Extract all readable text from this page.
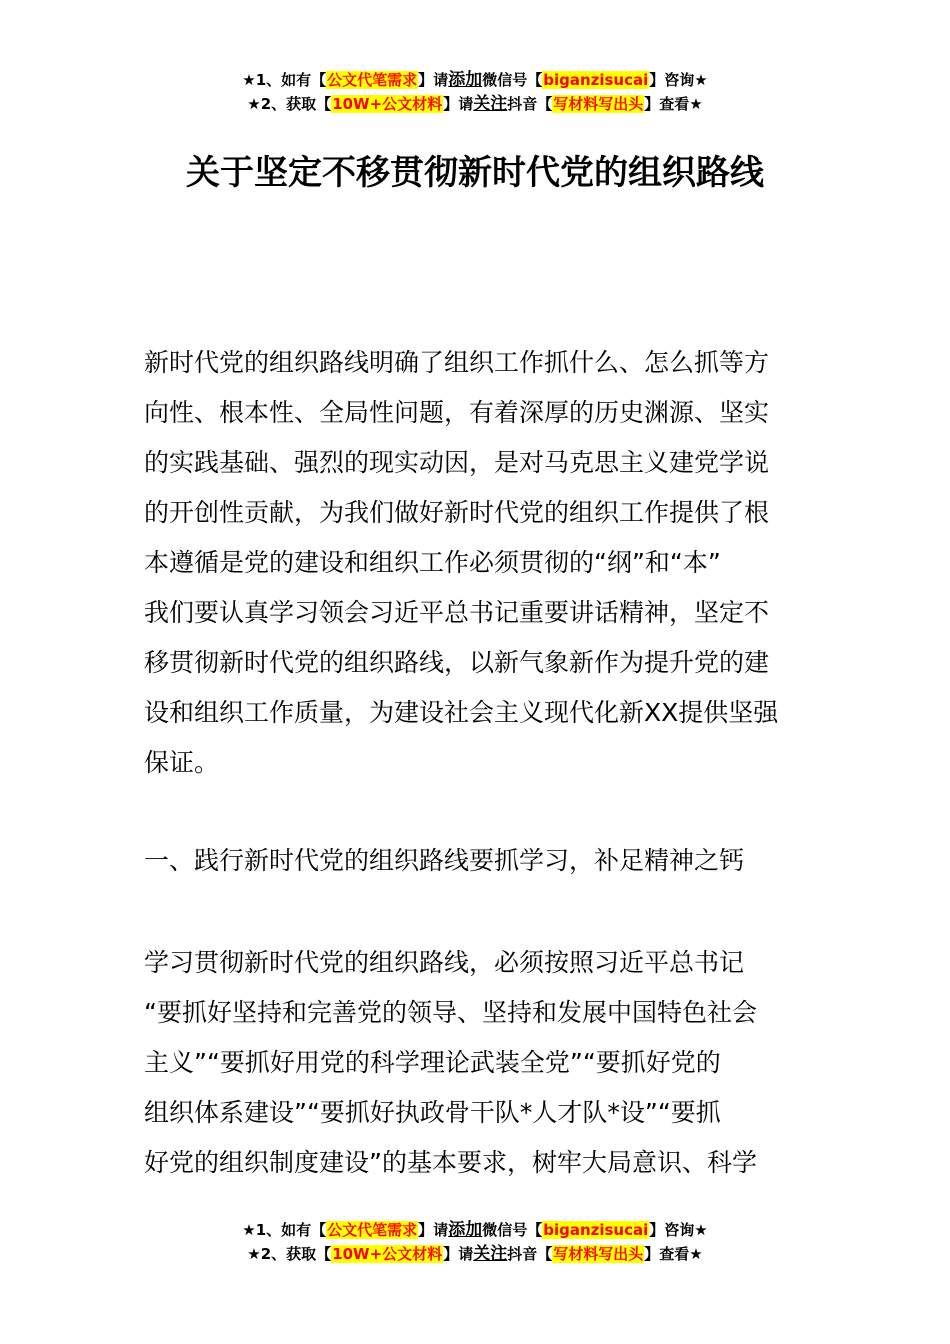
★1、如有【公文代笔需求】请添加微信号【biganzisucai】咨询★
★2、获取【10W+公文材料】请关注抖音【写材料写出头】查看★
关于坚定不移贯彻新时代党的组织路线
新时代党的组织路线明确了组织工作抓什么、怎么抓等方
向性、根本性、全局性问题，有着深厚的历史渊源、坚实
的实践基础、强烈的现实动因，是对马克思主义建党学说
的开创性贡献，为我们做好新时代党的组织工作提供了根
本遵循是党的建设和组织工作必须贯彻的“纲”和“本”
我们要认真学习领会习近平总书记重要讲话精神，坚定不
移贯彻新时代党的组织路线，以新气象新作为提升党的建
设和组织工作质量，为建设社会主义现代化新XX提供坚强
保证。
一、践行新时代党的组织路线要抓学习，补足精神之钙
学习贯彻新时代党的组织路线，必须按照习近平总书记
“要抓好坚持和完善党的领导、坚持和发展中国特色社会
主义”“要抓好用党的科学理论武装全党”“要抓好党的
组织体系建设”“要抓好执政骨干队*人才队*设”“要抓
好党的组织制度建设”的基本要求，树牢大局意识、科学
★1、如有【公文代笔需求】请添加微信号【biganzisucai】咨询★
★2、获取【10W+公文材料】请关注抖音【写材料写出头】查看★
